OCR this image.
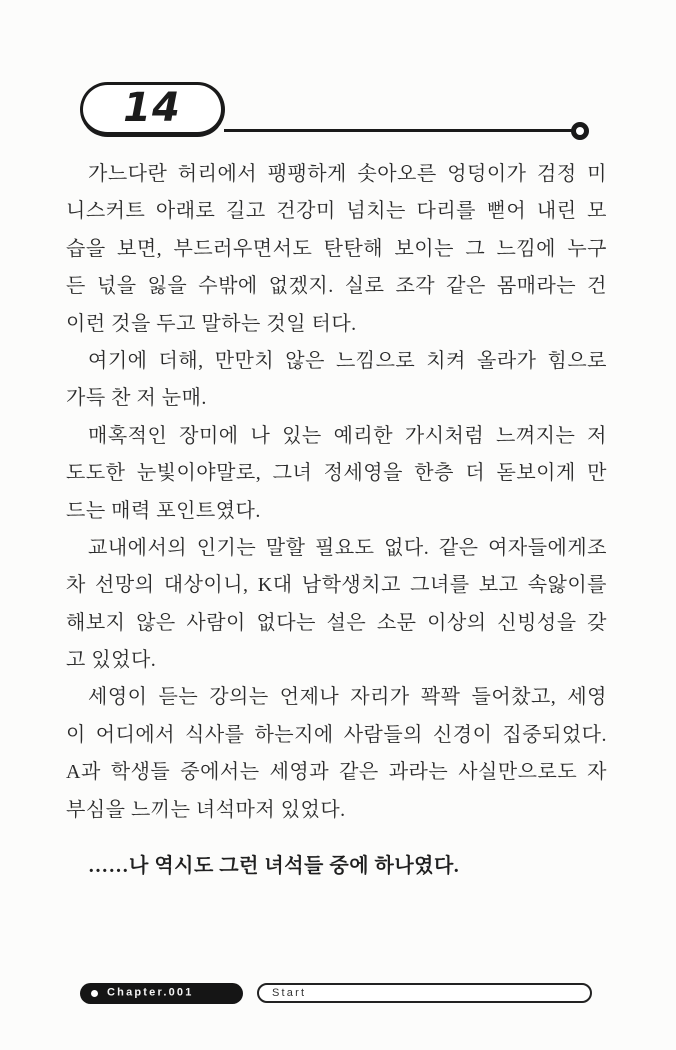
14
가느다란 허리에서 팽팽하게 솟아오른 엉덩이가 검정 미
니스커트 아래로 길고 건강미 넘치는 다리를 뻗어 내린 모
습을 보면, 부드러우면서도 탄탄해 보이는 그 느낌에 누구
든 넋을 잃을 수밖에 없겠지. 실로 조각 같은 몸매라는 건
이런 것을 두고 말하는 것일 터다.
여기에 더해, 만만치 않은 느낌으로 치켜 올라가 힘으로
가득 찬 저 눈매.
매혹적인 장미에 나 있는 예리한 가시처럼 느껴지는 저
도도한 눈빛이야말로, 그녀 정세영을 한층 더 돋보이게 만
드는 매력 포인트였다.
교내에서의 인기는 말할 필요도 없다. 같은 여자들에게조
차 선망의 대상이니, K대 남학생치고 그녀를 보고 속앓이를
해보지 않은 사람이 없다는 설은 소문 이상의 신빙성을 갖
고 있었다.
세영이 듣는 강의는 언제나 자리가 꽉꽉 들어찼고, 세영
이 어디에서 식사를 하는지에 사람들의 신경이 집중되었다.
A과 학생들 중에서는 세영과 같은 과라는 사실만으로도 자
부심을 느끼는 녀석마저 있었다.
……나 역시도 그런 녀석들 중에 하나였다.
Chapter.001	Start
